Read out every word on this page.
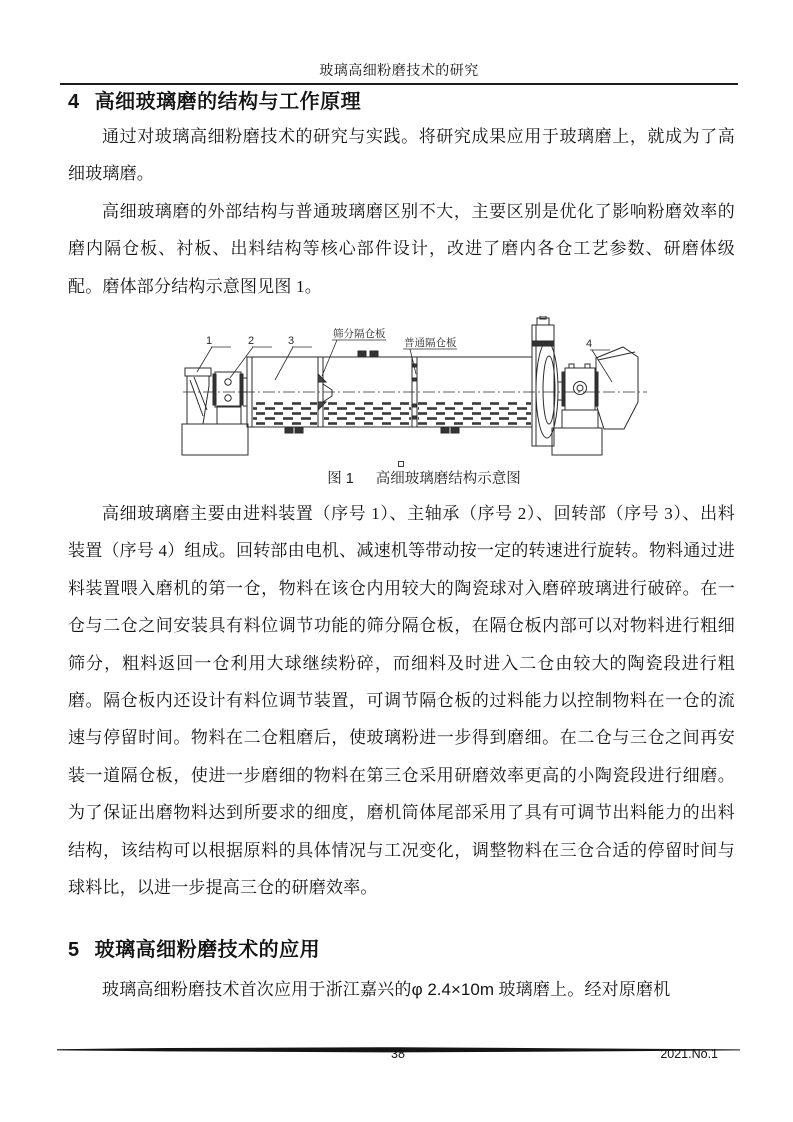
玻璃高细粉磨技术的研究
4 高细玻璃磨的结构与工作原理

通过对玻璃高细粉磨技术的研究与实践。将研究成果应用于玻璃磨上，就成为了高细玻璃磨。

高细玻璃磨的外部结构与普通玻璃磨区别不大，主要区别是优化了影响粉磨效率的磨内隔仓板、衬板、出料结构等核心部件设计，改进了磨内各仓工艺参数、研磨体级配。磨体部分结构示意图见图 1。

1	2	3	4
筛分隔仓板
普通隔仓板
图 1 高细玻璃磨结构示意图

高细玻璃磨主要由进料装置（序号 1）、主轴承（序号 2）、回转部（序号 3）、出料装置（序号 4）组成。回转部由电机、减速机等带动按一定的转速进行旋转。物料通过进料装置喂入磨机的第一仓，物料在该仓内用较大的陶瓷球对入磨碎玻璃进行破碎。在一仓与二仓之间安装具有料位调节功能的筛分隔仓板，在隔仓板内部可以对物料进行粗细筛分，粗料返回一仓利用大球继续粉碎，而细料及时进入二仓由较大的陶瓷段进行粗磨。隔仓板内还设计有料位调节装置，可调节隔仓板的过料能力以控制物料在一仓的流速与停留时间。物料在二仓粗磨后，使玻璃粉进一步得到磨细。在二仓与三仓之间再安装一道隔仓板，使进一步磨细的物料在第三仓采用研磨效率更高的小陶瓷段进行细磨。为了保证出磨物料达到所要求的细度，磨机筒体尾部采用了具有可调节出料能力的出料结构，该结构可以根据原料的具体情况与工况变化，调整物料在三仓合适的停留时间与球料比，以进一步提高三仓的研磨效率。

5 玻璃高细粉磨技术的应用

玻璃高细粉磨技术首次应用于浙江嘉兴的φ 2.4×10m 玻璃磨上。经对原磨机

38	2021.No.1
